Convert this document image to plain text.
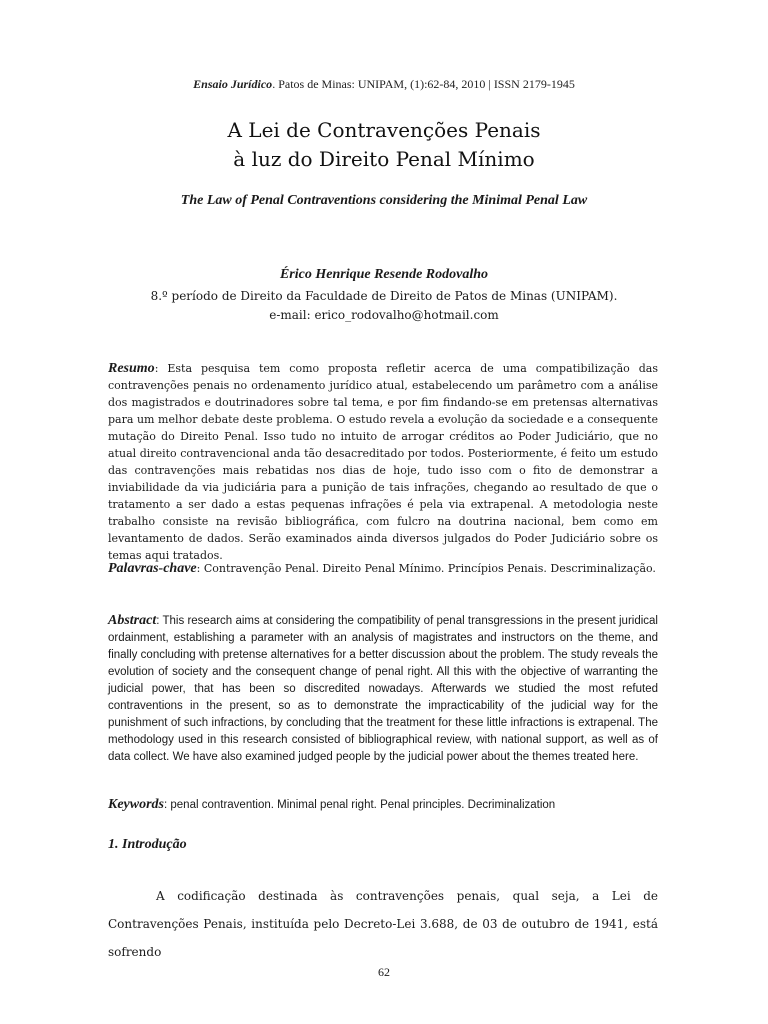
Ensaio Jurídico. Patos de Minas: UNIPAM, (1):62-84, 2010 | ISSN 2179-1945
A Lei de Contravenções Penais
à luz do Direito Penal Mínimo
The Law of Penal Contraventions considering the Minimal Penal Law
Érico Henrique Resende Rodovalho
8.º período de Direito da Faculdade de Direito de Patos de Minas (UNIPAM).
e-mail: erico_rodovalho@hotmail.com
Resumo: Esta pesquisa tem como proposta refletir acerca de uma compatibilização das contravenções penais no ordenamento jurídico atual, estabelecendo um parâmetro com a análise dos magistrados e doutrinadores sobre tal tema, e por fim findando-se em pretensas alternativas para um melhor debate deste problema. O estudo revela a evolução da sociedade e a consequente mutação do Direito Penal. Isso tudo no intuito de arrogar créditos ao Poder Judiciário, que no atual direito contravencional anda tão desacreditado por todos. Posteriormente, é feito um estudo das contravenções mais rebatidas nos dias de hoje, tudo isso com o fito de demonstrar a inviabilidade da via judiciária para a punição de tais infrações, chegando ao resultado de que o tratamento a ser dado a estas pequenas infrações é pela via extrapenal. A metodologia neste trabalho consiste na revisão bibliográfica, com fulcro na doutrina nacional, bem como em levantamento de dados. Serão examinados ainda diversos julgados do Poder Judiciário sobre os temas aqui tratados.
Palavras-chave: Contravenção Penal. Direito Penal Mínimo. Princípios Penais. Descriminalização.
Abstract: This research aims at considering the compatibility of penal transgressions in the present juridical ordainment, establishing a parameter with an analysis of magistrates and instructors on the theme, and finally concluding with pretense alternatives for a better discussion about the problem. The study reveals the evolution of society and the consequent change of penal right. All this with the objective of warranting the judicial power, that has been so discredited nowadays. Afterwards we studied the most refuted contraventions in the present, so as to demonstrate the impracticability of the judicial way for the punishment of such infractions, by concluding that the treatment for these little infractions is extrapenal. The methodology used in this research consisted of bibliographical review, with national support, as well as of data collect. We have also examined judged people by the judicial power about the themes treated here.
Keywords: penal contravention. Minimal penal right. Penal principles. Decriminalization
1. Introdução
A codificação destinada às contravenções penais, qual seja, a Lei de Contravenções Penais, instituída pelo Decreto-Lei 3.688, de 03 de outubro de 1941, está sofrendo
62
